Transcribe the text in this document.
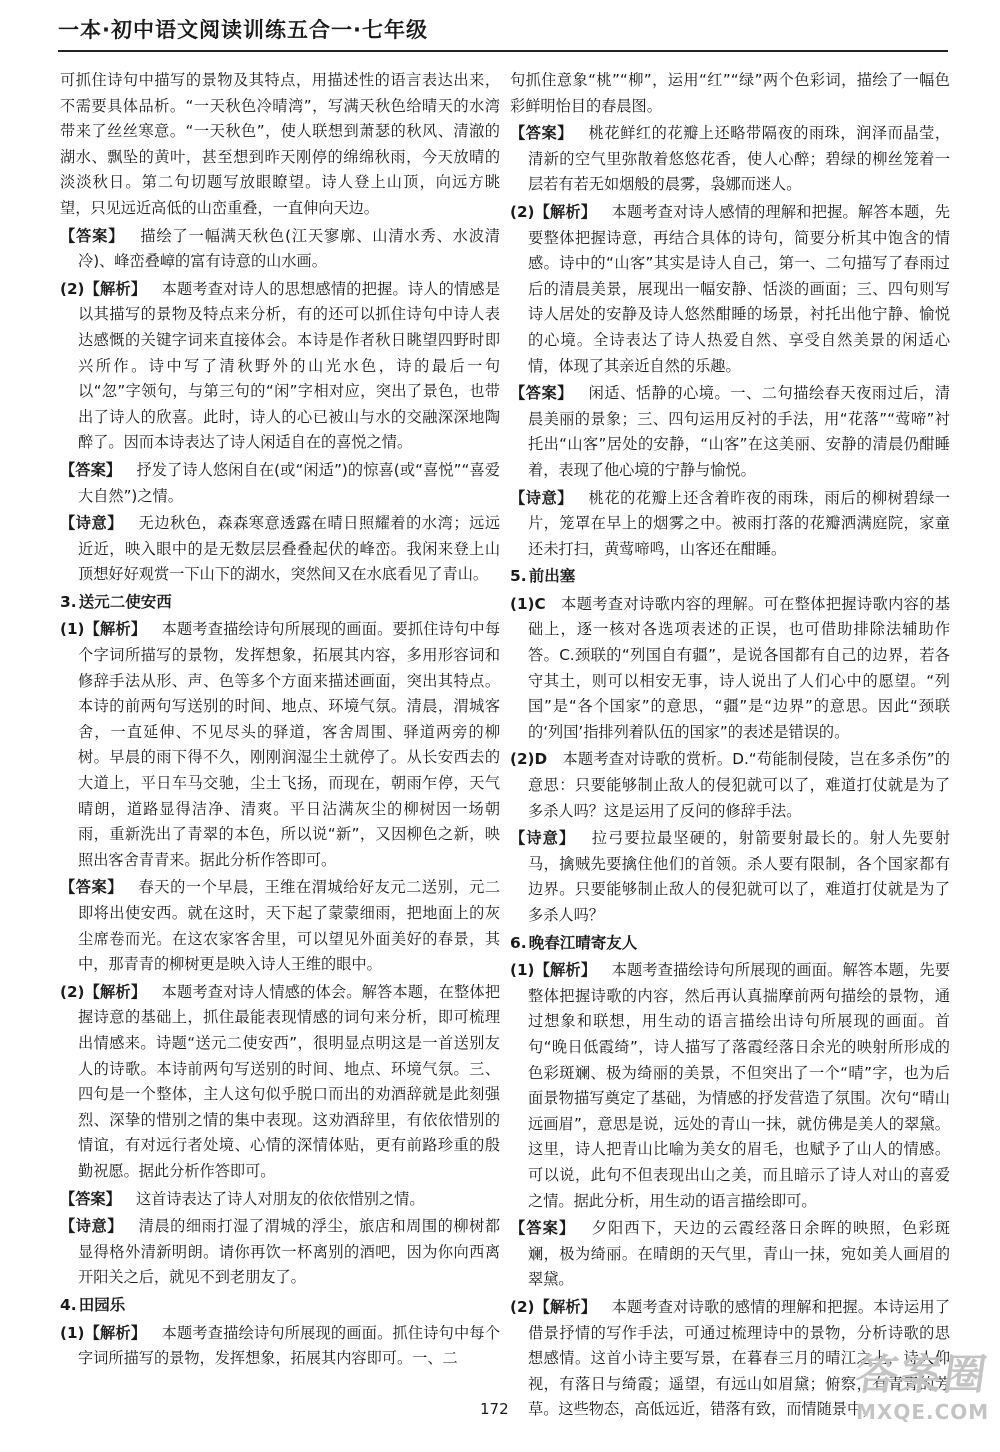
一本·初中语文阅读训练五合一·七年级
可抓住诗句中描写的景物及其特点，用描述性的语言表达出来，不需要具体品析。“一天秋色冷晴湾”，写满天秋色给晴天的水湾带来了丝丝寒意。“一天秋色”，使人联想到萧瑟的秋风、清澈的湖水、飘坠的黄叶，甚至想到昨天刚停的绵绵秋雨，今天放晴的淡淡秋日。第二句切题写放眼瞭望。诗人登上山顶，向远方眺望，只见远近高低的山峦重叠，一直伸向天边。
【答案】  描绘了一幅满天秋色(江天寥廓、山清水秀、水波清冷)、峰峦叠嶂的富有诗意的山水画。
(2)【解析】  本题考查对诗人的思想感情的把握。诗人的情感是以其描写的景物及特点来分析，有的还可以抓住诗句中诗人表达感慨的关键字词来直接体会。本诗是作者秋日眺望四野时即兴所作。诗中写了清秋野外的山光水色，诗的最后一句以“忽”字领句，与第三句的“闲”字相对应，突出了景色，也带出了诗人的欣喜。此时，诗人的心已被山与水的交融深深地陶醉了。因而本诗表达了诗人闲适自在的喜悦之情。
【答案】  抒发了诗人悠闲自在(或“闲适”)的惊喜(或“喜悦”“喜爱大自然”)之情。
【诗意】  无边秋色，森森寒意透露在晴日照耀着的水湾；远远近近，映入眼中的是无数层层叠叠起伏的峰峦。我闲来登上山顶想好好观赏一下山下的湖水，突然间又在水底看见了青山。
3. 送元二使安西
(1)【解析】  本题考查描绘诗句所展现的画面。要抓住诗句中每个字词所描写的景物，发挥想象，拓展其内容，多用形容词和修辞手法从形、声、色等多个方面来描述画面，突出其特点。本诗的前两句写送别的时间、地点、环境气氛。清晨，渭城客舍，一直延伸、不见尽头的驿道，客舍周围、驿道两旁的柳树。早晨的雨下得不久，刚刚润湿尘土就停了。从长安西去的大道上，平日车马交驰，尘土飞扬，而现在，朝雨乍停，天气晴朗，道路显得洁净、清爽。平日沾满灰尘的柳树因一场朝雨，重新洗出了青翠的本色，所以说“新”，又因柳色之新，映照出客舍青青来。据此分析作答即可。
【答案】  春天的一个早晨，王维在渭城给好友元二送别，元二即将出使安西。就在这时，天下起了蒙蒙细雨，把地面上的灰尘席卷而光。在这农家客舍里，可以望见外面美好的春景，其中，那青青的柳树更是映入诗人王维的眼中。
(2)【解析】  本题考查对诗人情感的体会。解答本题，在整体把握诗意的基础上，抓住最能表现情感的词句来分析，即可梳理出情感来。诗题“送元二使安西”，很明显点明这是一首送别友人的诗歌。本诗前两句写送别的时间、地点、环境气氛。三、四句是一个整体，主人这句似乎脱口而出的劝酒辞就是此刻强烈、深挚的惜别之情的集中表现。这劝酒辞里，有依依惜别的情谊，有对远行者处境、心情的深情体贴，更有前路珍重的殷勤祝愿。据此分析作答即可。
【答案】  这首诗表达了诗人对朋友的依依惜别之情。
【诗意】  清晨的细雨打湿了渭城的浮尘，旅店和周围的柳树都显得格外清新明朗。请你再饮一杯离别的酒吧，因为你向西离开阳关之后，就见不到老朋友了。
4. 田园乐
(1)【解析】  本题考查描绘诗句所展现的画面。抓住诗句中每个字词所描写的景物，发挥想象，拓展其内容即可。一、二
句抓住意象“桃”“柳”，运用“红”“绿”两个色彩词，描绘了一幅色彩鲜明怡目的春晨图。
【答案】  桃花鲜红的花瓣上还略带隔夜的雨珠，润泽而晶莹，清新的空气里弥散着悠悠花香，使人心醉；碧绿的柳丝笼着一层若有若无如烟般的晨雾，袅娜而迷人。
(2)【解析】  本题考查对诗人感情的理解和把握。解答本题，先要整体把握诗意，再结合具体的诗句，简要分析其中饱含的情感。诗中的“山客”其实是诗人自己，第一、二句描写了春雨过后的清晨美景，展现出一幅安静、恬淡的画面；三、四句则写诗人居处的安静及诗人悠然酣睡的场景，衬托出他宁静、愉悦的心境。全诗表达了诗人热爱自然、享受自然美景的闲适心情，体现了其亲近自然的乐趣。
【答案】  闲适、恬静的心境。一、二句描绘春天夜雨过后，清晨美丽的景象；三、四句运用反衬的手法，用“花落”“莺啼”衬托出“山客”居处的安静，“山客”在这美丽、安静的清晨仍酣睡着，表现了他心境的宁静与愉悦。
【诗意】  桃花的花瓣上还含着昨夜的雨珠，雨后的柳树碧绿一片，笼罩在早上的烟雾之中。被雨打落的花瓣洒满庭院，家童还未打扫，黄莺啼鸣，山客还在酣睡。
5. 前出塞
(1)C  本题考查对诗歌内容的理解。可在整体把握诗歌内容的基础上，逐一核对各选项表述的正误，也可借助排除法辅助作答。C.颈联的“列国自有疆”，是说各国都有自己的边界，若各守其土，则可以相安无事，诗人说出了人们心中的愿望。“列国”是“各个国家”的意思，“疆”是“边界”的意思。因此“颈联的‘列国’指排列着队伍的国家”的表述是错误的。
(2)D  本题考查对诗歌的赏析。D.“苟能制侵陵，岂在多杀伤”的意思：只要能够制止敌人的侵犯就可以了，难道打仗就是为了多杀人吗？这是运用了反问的修辞手法。
【诗意】  拉弓要拉最坚硬的，射箭要射最长的。射人先要射马，擒贼先要擒住他们的首领。杀人要有限制，各个国家都有边界。只要能够制止敌人的侵犯就可以了，难道打仗就是为了多杀人吗？
6. 晚春江晴寄友人
(1)【解析】  本题考查描绘诗句所展现的画面。解答本题，先要整体把握诗歌的内容，然后再认真揣摩前两句描绘的景物，通过想象和联想，用生动的语言描绘出诗句所展现的画面。首句“晚日低霞绮”，诗人描写了落霞经落日余光的映射所形成的色彩斑斓、极为绮丽的美景，不但突出了一个“晴”字，也为后面景物描写奠定了基础，为情感的抒发营造了氛围。次句“晴山远画眉”，意思是说，远处的青山一抹，就仿佛是美人的翠黛。这里，诗人把青山比喻为美女的眉毛，也赋予了山人的情感。可以说，此句不但表现出山之美，而且暗示了诗人对山的喜爱之情。据此分析，用生动的语言描绘即可。
【答案】  夕阳西下，天边的云霞经落日余晖的映照，色彩斑斓，极为绮丽。在晴朗的天气里，青山一抹，宛如美人画眉的翠黛。
(2)【解析】  本题考查对诗歌的感情的理解和把握。本诗运用了借景抒情的写作手法，可通过梳理诗中的景物，分析诗歌的思想感情。这首小诗主要写景，在暮春三月的晴江之上，诗人仰视，有落日与绮霞；遥望，有远山如眉黛；俯察，有青青的芳草。这些物态，高低远近，错落有致，而情随景中，
172
答案圈
MXQE.COM
